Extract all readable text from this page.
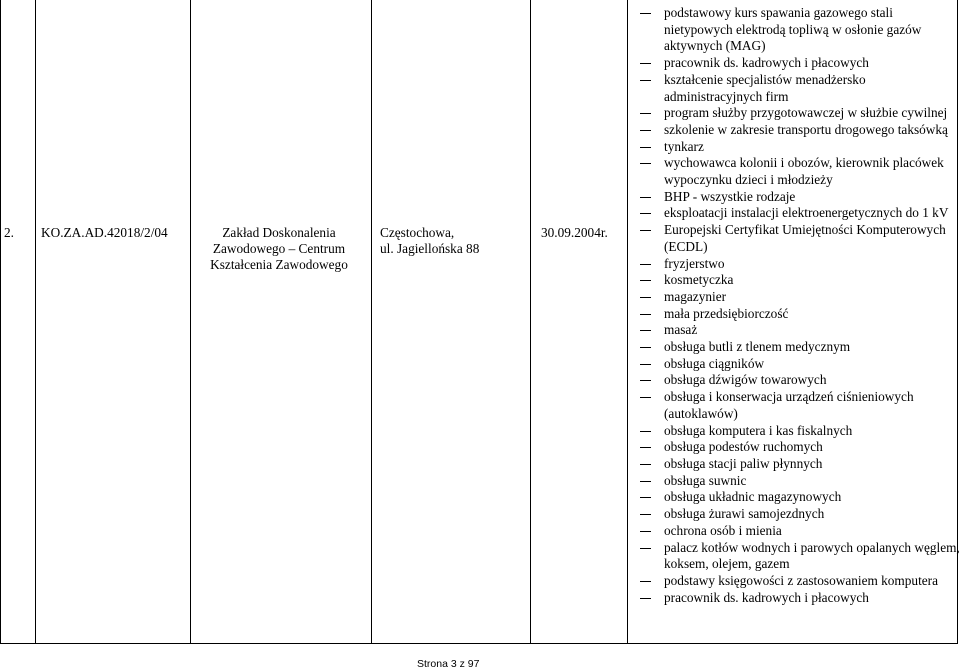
2. KO.ZA.AD.42018/2/04	Zakład Doskonalenia Zawodowego – Centrum Kształcenia Zawodowego
Częstochowa,
ul. Jagiellońska 88
30.09.2004r.
podstawowy kurs spawania gazowego stali nietypowych elektrodą topliwą w osłonie gazów aktywnych (MAG)
pracownik ds. kadrowych i płacowych
kształcenie specjalistów menadżersko administracyjnych firm
program służby przygotowawczej w służbie cywilnej
szkolenie w zakresie transportu drogowego taksówką
tynkarz
wychowawca kolonii i obozów, kierownik placówek wypoczynku dzieci i młodzieży
BHP - wszystkie rodzaje
eksploatacji instalacji elektroenergetycznych do 1 kV
Europejski Certyfikat Umiejętności Komputerowych (ECDL)
fryzjerstwo
kosmetyczka
magazynier
mała przedsiębiorczość
masaż
obsługa butli z tlenem medycznym
obsługa ciągników
obsługa dźwigów towarowych
obsługa i konserwacja urządzeń ciśnieniowych (autoklawów)
obsługa komputera i kas fiskalnych
obsługa podestów ruchomych
obsługa stacji paliw płynnych
obsługa suwnic
obsługa układnic magazynowych
obsługa żurawi samojezdnych
ochrona osób i mienia
palacz kotłów wodnych i parowych opalanych węglem, koksem, olejem, gazem
podstawy księgowości z zastosowaniem komputera
pracownik ds. kadrowych i płacowych
Strona 3 z 97
